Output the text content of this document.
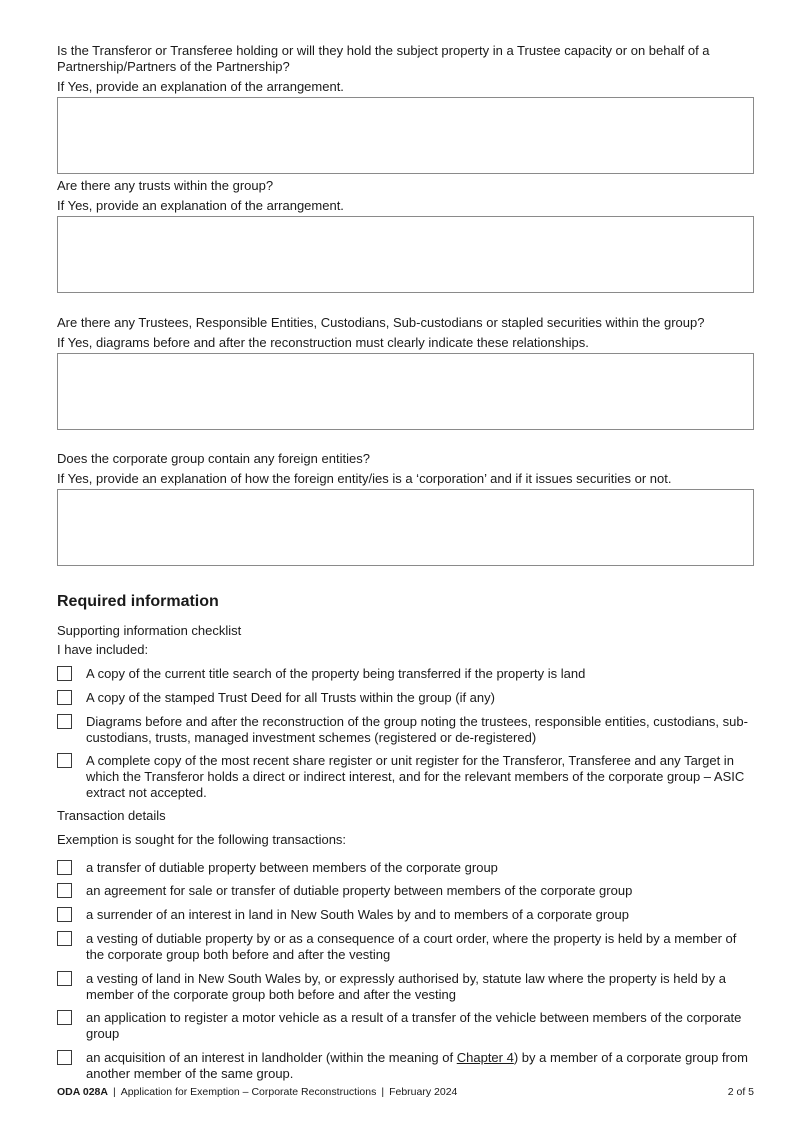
Is the Transferor or Transferee holding or will they hold the subject property in a Trustee capacity or on behalf of a Partnership/Partners of the Partnership?
If Yes, provide an explanation of the arrangement.
Are there any trusts within the group?
If Yes, provide an explanation of the arrangement.
Are there any Trustees, Responsible Entities, Custodians, Sub-custodians or stapled securities within the group?
If Yes, diagrams before and after the reconstruction must clearly indicate these relationships.
Does the corporate group contain any foreign entities?
If Yes, provide an explanation of how the foreign entity/ies is a ‘corporation’ and if it issues securities or not.
Required information
Supporting information checklist
I have included:
A copy of the current title search of the property being transferred if the property is land
A copy of the stamped Trust Deed for all Trusts within the group (if any)
Diagrams before and after the reconstruction of the group noting the trustees, responsible entities, custodians, sub-custodians, trusts, managed investment schemes (registered or de-registered)
A complete copy of the most recent share register or unit register for the Transferor, Transferee and any Target in which the Transferor holds a direct or indirect interest, and for the relevant members of the corporate group – ASIC extract not accepted.
Transaction details
Exemption is sought for the following transactions:
a transfer of dutiable property between members of the corporate group
an agreement for sale or transfer of dutiable property between members of the corporate group
a surrender of an interest in land in New South Wales by and to members of a corporate group
a vesting of dutiable property by or as a consequence of a court order, where the property is held by a member of the corporate group both before and after the vesting
a vesting of land in New South Wales by, or expressly authorised by, statute law where the property is held by a member of the corporate group both before and after the vesting
an application to register a motor vehicle as a result of a transfer of the vehicle between members of the corporate group
an acquisition of an interest in landholder (within the meaning of Chapter 4) by a member of a corporate group from another member of the same group.
ODA 028A | Application for Exemption – Corporate Reconstructions | February 2024	2 of 5
